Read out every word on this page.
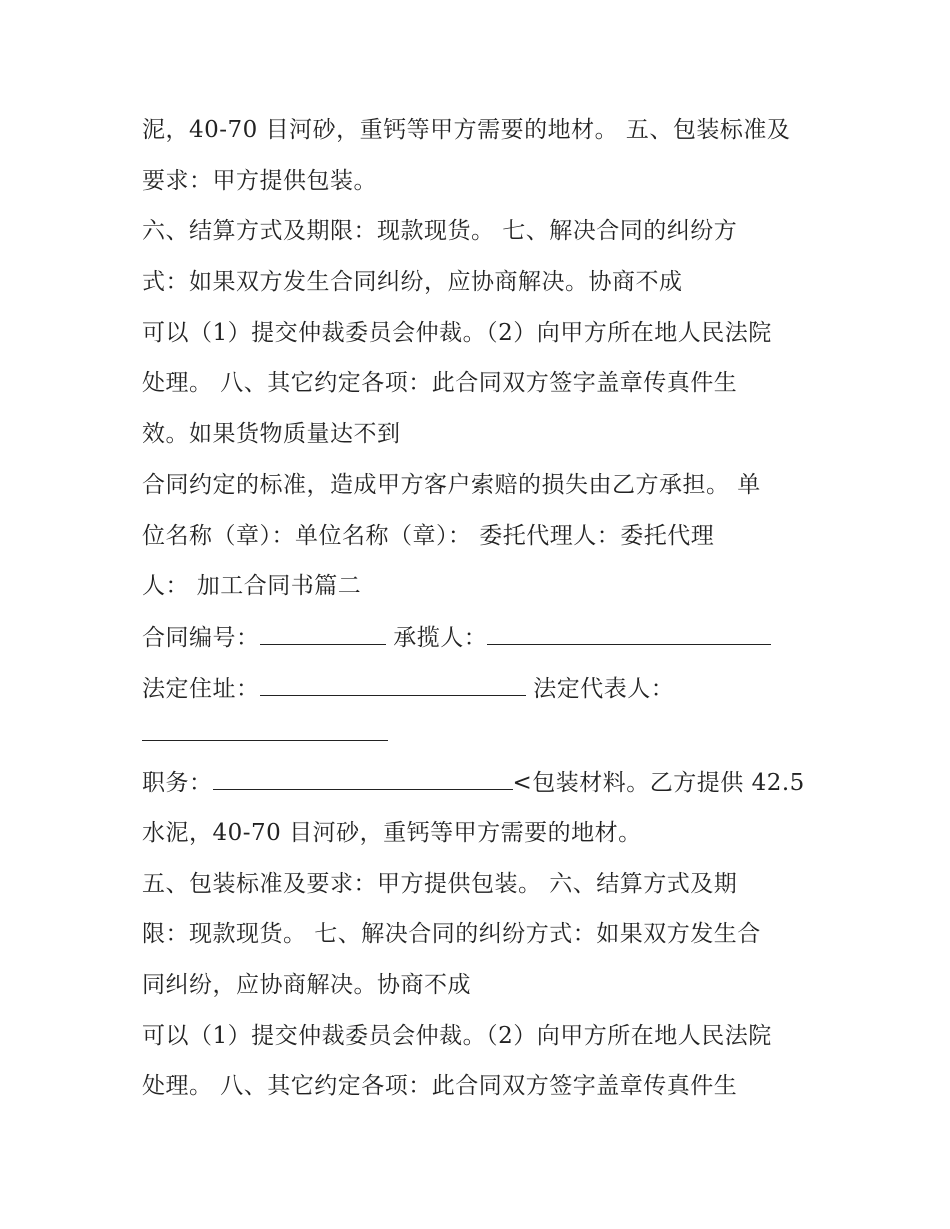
泥，40-70 目河砂，重钙等甲方需要的地材。 五、包装标准及
要求：甲方提供包装。
六、结算方式及期限：现款现货。 七、解决合同的纠纷方
式：如果双方发生合同纠纷，应协商解决。协商不成
可以（1）提交仲裁委员会仲裁。（2）向甲方所在地人民法院
处理。 八、其它约定各项：此合同双方签字盖章传真件生
效。如果货物质量达不到
合同约定的标准，造成甲方客户索赔的损失由乙方承担。 单
位名称（章）：单位名称（章）： 委托代理人：委托代理
人： 加工合同书篇二
合同编号：	承揽人：
法定住址：	法定代表人：
职务：	<包装材料。乙方提供 42.5
水泥，40-70 目河砂，重钙等甲方需要的地材。
五、包装标准及要求：甲方提供包装。 六、结算方式及期
限：现款现货。 七、解决合同的纠纷方式：如果双方发生合
同纠纷，应协商解决。协商不成
可以（1）提交仲裁委员会仲裁。（2）向甲方所在地人民法院
处理。 八、其它约定各项：此合同双方签字盖章传真件生
